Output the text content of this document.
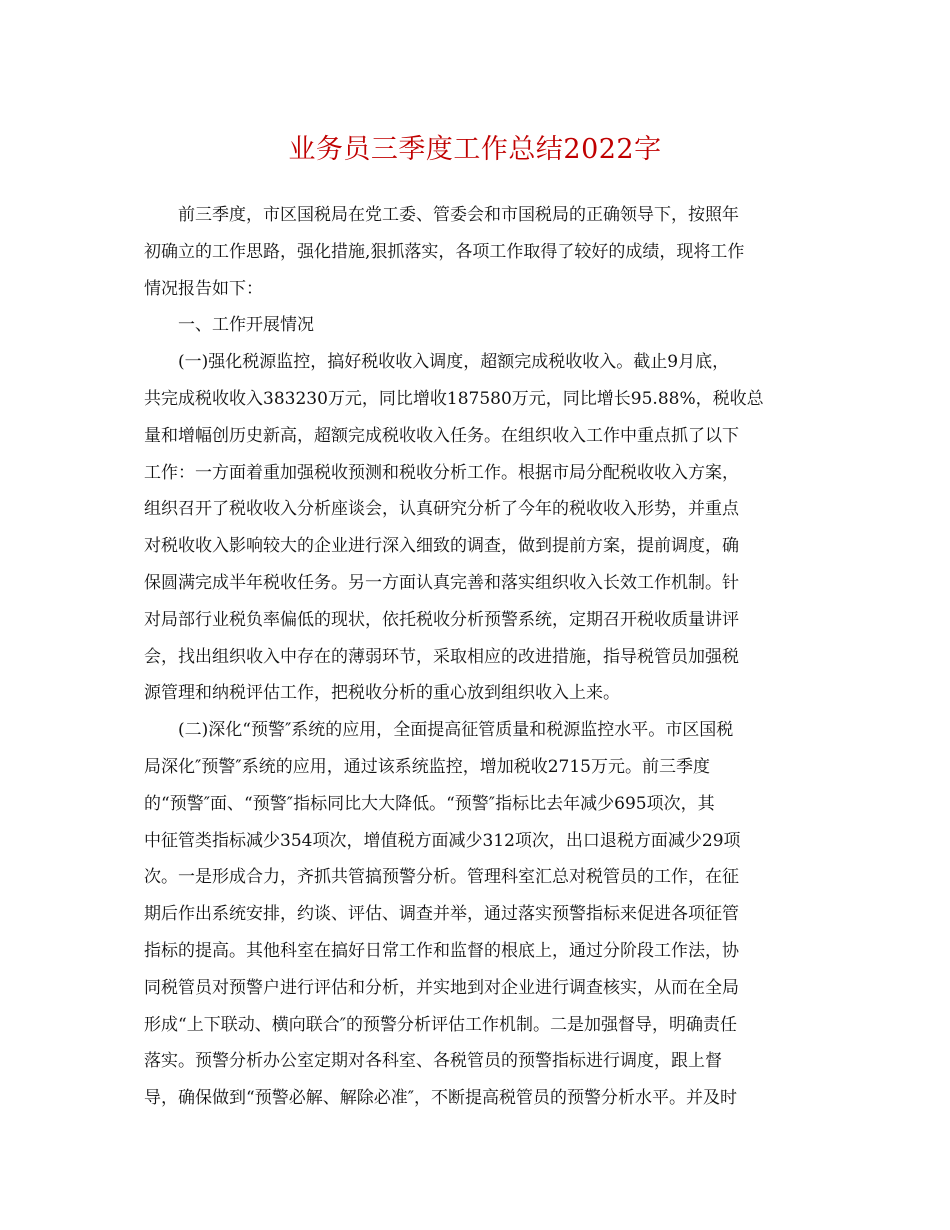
业务员三季度工作总结2022字
前三季度，市区国税局在党工委、管委会和市国税局的正确领导下，按照年
初确立的工作思路，强化措施,狠抓落实，各项工作取得了较好的成绩，现将工作
情况报告如下：
一、工作开展情况
(一)强化税源监控，搞好税收收入调度，超额完成税收收入。截止9月底，
共完成税收收入383230万元，同比增收187580万元，同比增长95.88%，税收总
量和增幅创历史新高，超额完成税收收入任务。在组织收入工作中重点抓了以下
工作：一方面着重加强税收预测和税收分析工作。根据市局分配税收收入方案，
组织召开了税收收入分析座谈会，认真研究分析了今年的税收收入形势，并重点
对税收收入影响较大的企业进行深入细致的调查，做到提前方案，提前调度，确
保圆满完成半年税收任务。另一方面认真完善和落实组织收入长效工作机制。针
对局部行业税负率偏低的现状，依托税收分析预警系统，定期召开税收质量讲评
会，找出组织收入中存在的薄弱环节，采取相应的改进措施，指导税管员加强税
源管理和纳税评估工作，把税收分析的重心放到组织收入上来。
(二)深化“预警″系统的应用，全面提高征管质量和税源监控水平。市区国税
局深化″预警″系统的应用，通过该系统监控，增加税收2715万元。前三季度
的“预警″面、“预警″指标同比大大降低。“预警″指标比去年减少695项次，其
中征管类指标减少354项次，增值税方面减少312项次，出口退税方面减少29项
次。一是形成合力，齐抓共管搞预警分析。管理科室汇总对税管员的工作，在征
期后作出系统安排，约谈、评估、调查并举，通过落实预警指标来促进各项征管
指标的提高。其他科室在搞好日常工作和监督的根底上，通过分阶段工作法，协
同税管员对预警户进行评估和分析，并实地到对企业进行调查核实，从而在全局
形成“上下联动、横向联合″的预警分析评估工作机制。二是加强督导，明确责任
落实。预警分析办公室定期对各科室、各税管员的预警指标进行调度，跟上督
导，确保做到“预警必解、解除必准″，不断提高税管员的预警分析水平。并及时
